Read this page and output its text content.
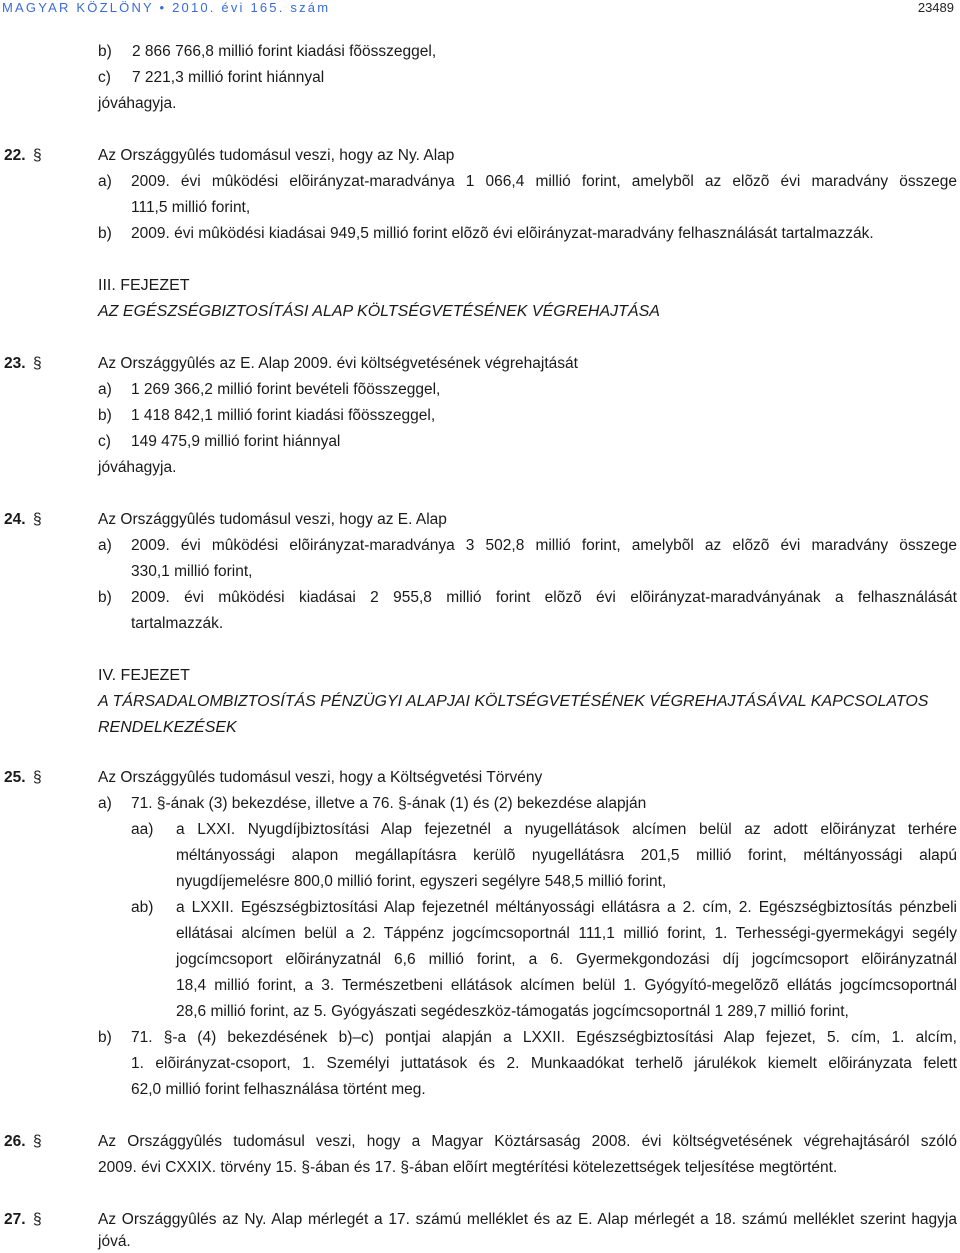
MAGYAR KÖZLÖNY • 2010. évi 165. szám	23489
b) 2 866 766,8 millió forint kiadási fõösszeggel,
c) 7 221,3 millió forint hiánnyal
jóváhagyja.
22. §	Az Országgyûlés tudomásul veszi, hogy az Ny. Alap
a) 2009. évi mûködési elõirányzat-maradványa 1 066,4 millió forint, amelybõl az elõzõ évi maradvány összege
111,5 millió forint,
b) 2009. évi mûködési kiadásai 949,5 millió forint elõzõ évi elõirányzat-maradvány felhasználását tartalmazzák.
III. FEJEZET
AZ EGÉSZSÉGBIZTOSÍTÁSI ALAP KÖLTSÉGVETÉSÉNEK VÉGREHAJTÁSA
23. §	Az Országgyûlés az E. Alap 2009. évi költségvetésének végrehajtását
a) 1 269 366,2 millió forint bevételi fõösszeggel,
b) 1 418 842,1 millió forint kiadási fõösszeggel,
c) 149 475,9 millió forint hiánnyal
jóváhagyja.
24. §	Az Országgyûlés tudomásul veszi, hogy az E. Alap
a) 2009. évi mûködési elõirányzat-maradványa 3 502,8 millió forint, amelybõl az elõzõ évi maradvány összege
330,1 millió forint,
b) 2009. évi mûködési kiadásai 2 955,8 millió forint elõzõ évi elõirányzat-maradványának a felhasználását
tartalmazzák.
IV. FEJEZET
A TÁRSADALOMBIZTOSÍTÁS PÉNZÜGYI ALAPJAI KÖLTSÉGVETÉSÉNEK VÉGREHAJTÁSÁVAL KAPCSOLATOS
RENDELKEZÉSEK
25. §	Az Országgyûlés tudomásul veszi, hogy a Költségvetési Törvény
a) 71. §-ának (3) bekezdése, illetve a 76. §-ának (1) és (2) bekezdése alapján
aa) a LXXI. Nyugdíjbiztosítási Alap fejezetnél a nyugellátások alcímen belül az adott elõirányzat terhére
méltányossági alapon megállapításra kerülõ nyugellátásra 201,5 millió forint, méltányossági alapú
nyugdíjemelésre 800,0 millió forint, egyszeri segélyre 548,5 millió forint,
ab) a LXXII. Egészségbiztosítási Alap fejezetnél méltányossági ellátásra a 2. cím, 2. Egészségbiztosítás pénzbeli
ellátásai alcímen belül a 2. Táppénz jogcímcsoportnál 111,1 millió forint, 1. Terhességi-gyermekágyi segély
jogcímcsoport elõirányzatnál 6,6 millió forint, a 6. Gyermekgondozási díj jogcímcsoport elõirányzatnál
18,4 millió forint, a 3. Természetbeni ellátások alcímen belül 1. Gyógyító-megelõzõ ellátás jogcímcsoportnál
28,6 millió forint, az 5. Gyógyászati segédeszköz-támogatás jogcímcsoportnál 1 289,7 millió forint,
b) 71. §-a (4) bekezdésének b)–c) pontjai alapján a LXXII. Egészségbiztosítási Alap fejezet, 5. cím, 1. alcím,
1. elõirányzat-csoport, 1. Személyi juttatások és 2. Munkaadókat terhelõ járulékok kiemelt elõirányzata felett
62,0 millió forint felhasználása történt meg.
26. §	Az Országgyûlés tudomásul veszi, hogy a Magyar Köztársaság 2008. évi költségvetésének végrehajtásáról szóló
2009. évi CXXIX. törvény 15. §-ában és 17. §-ában elõírt megtérítési kötelezettségek teljesítése megtörtént.
27. §	Az Országgyûlés az Ny. Alap mérlegét a 17. számú melléklet és az E. Alap mérlegét a 18. számú melléklet szerint hagyja
jóvá.
